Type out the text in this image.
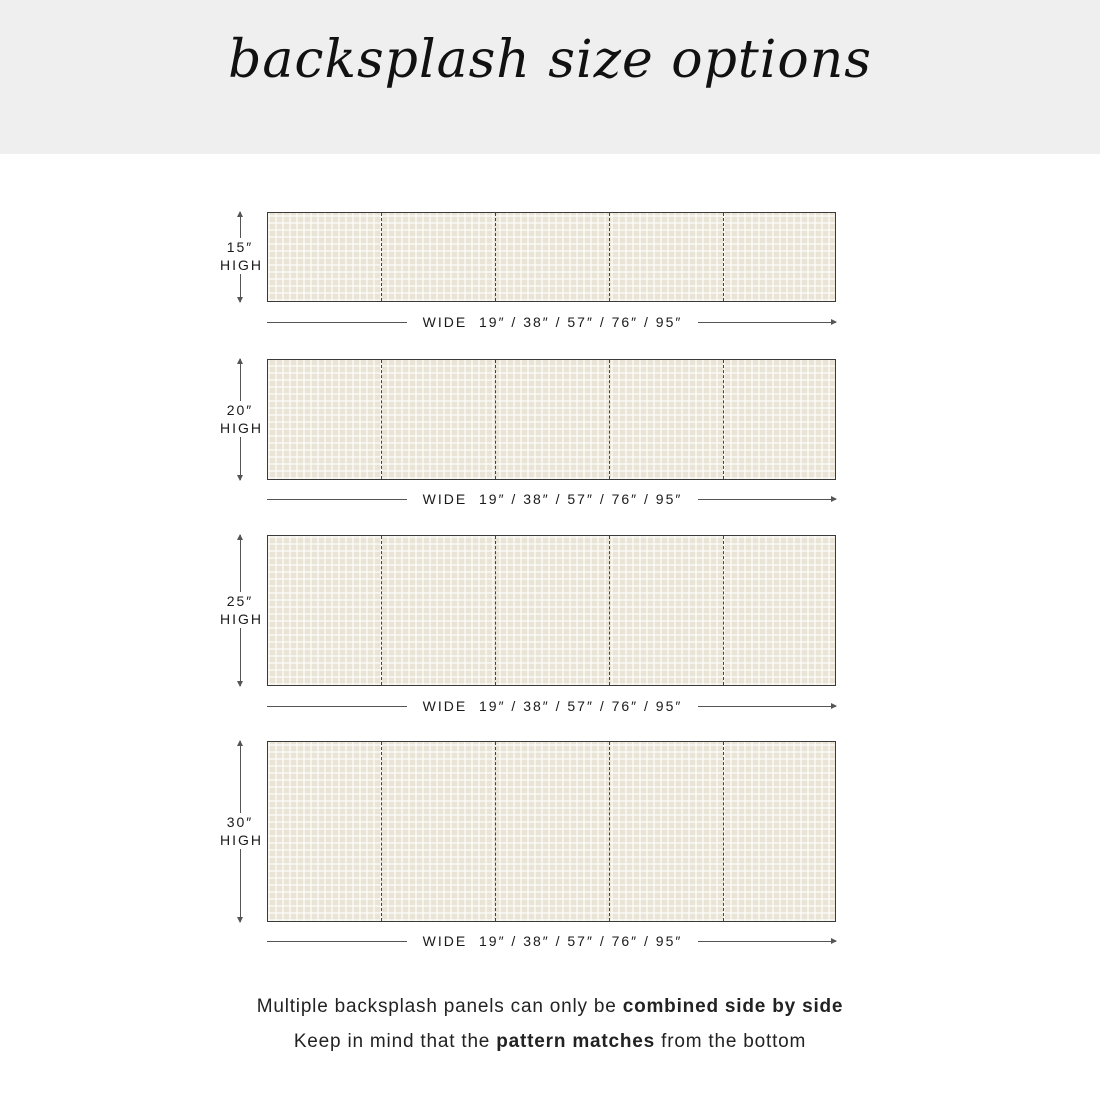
backsplash size options
15″
HIGH
WIDE 19″ / 38″ / 57″ / 76″ / 95″
20″
HIGH
WIDE 19″ / 38″ / 57″ / 76″ / 95″
25″
HIGH
WIDE 19″ / 38″ / 57″ / 76″ / 95″
30″
HIGH
WIDE 19″ / 38″ / 57″ / 76″ / 95″
Multiple backsplash panels can only be combined side by side
Keep in mind that the pattern matches from the bottom
